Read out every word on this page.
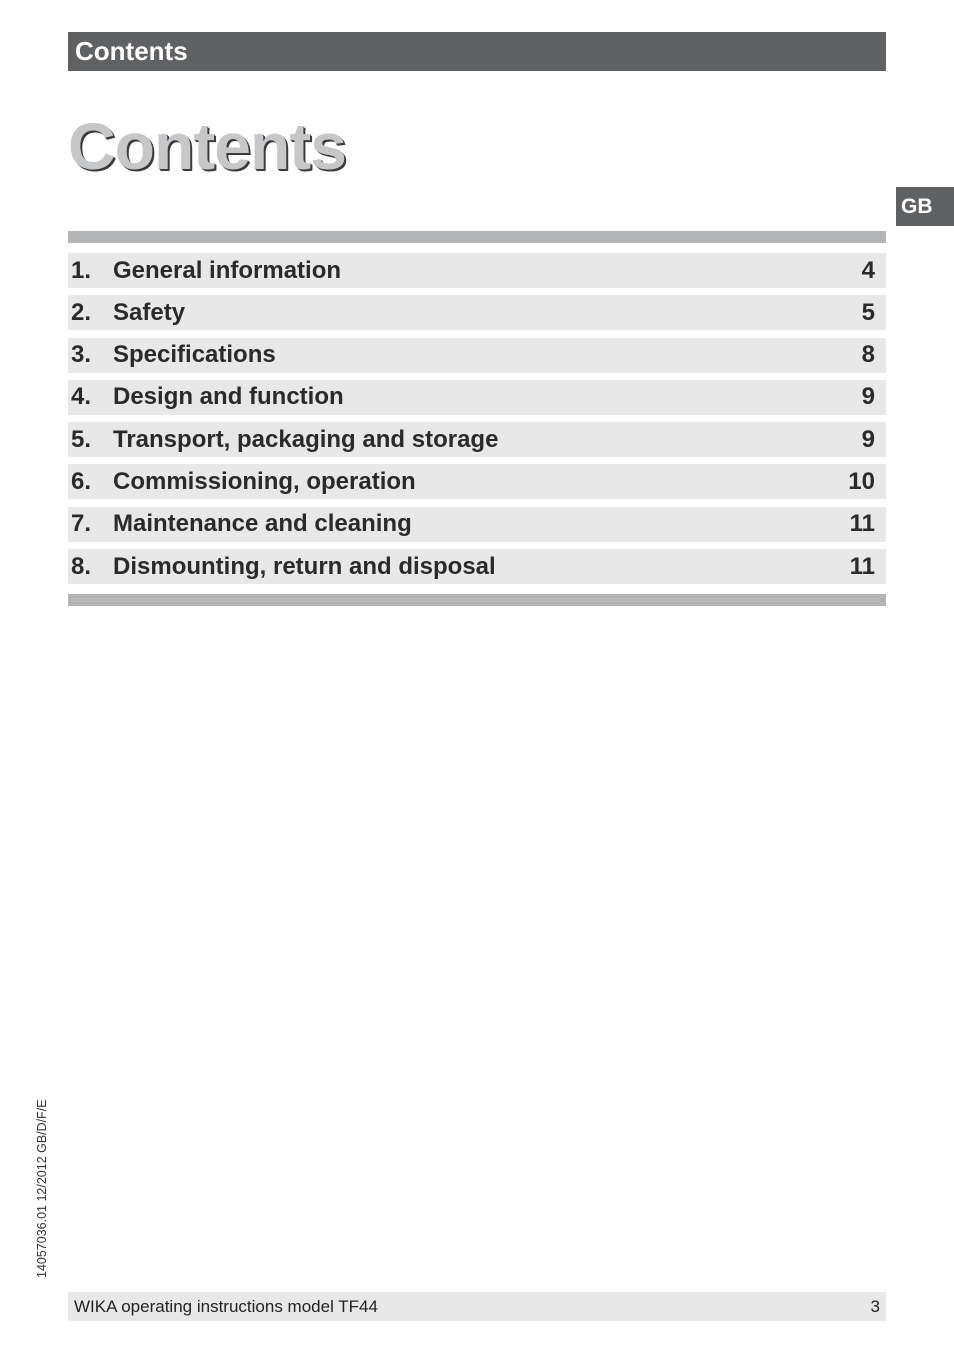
Contents
Contents
GB
1. General information	4
2. Safety	5
3. Specifications	8
4. Design and function	9
5. Transport, packaging and storage	9
6. Commissioning, operation	10
7. Maintenance and cleaning	11
8. Dismounting, return and disposal	11
14057036.01 12/2012 GB/D/F/E
WIKA operating instructions model TF44	3
